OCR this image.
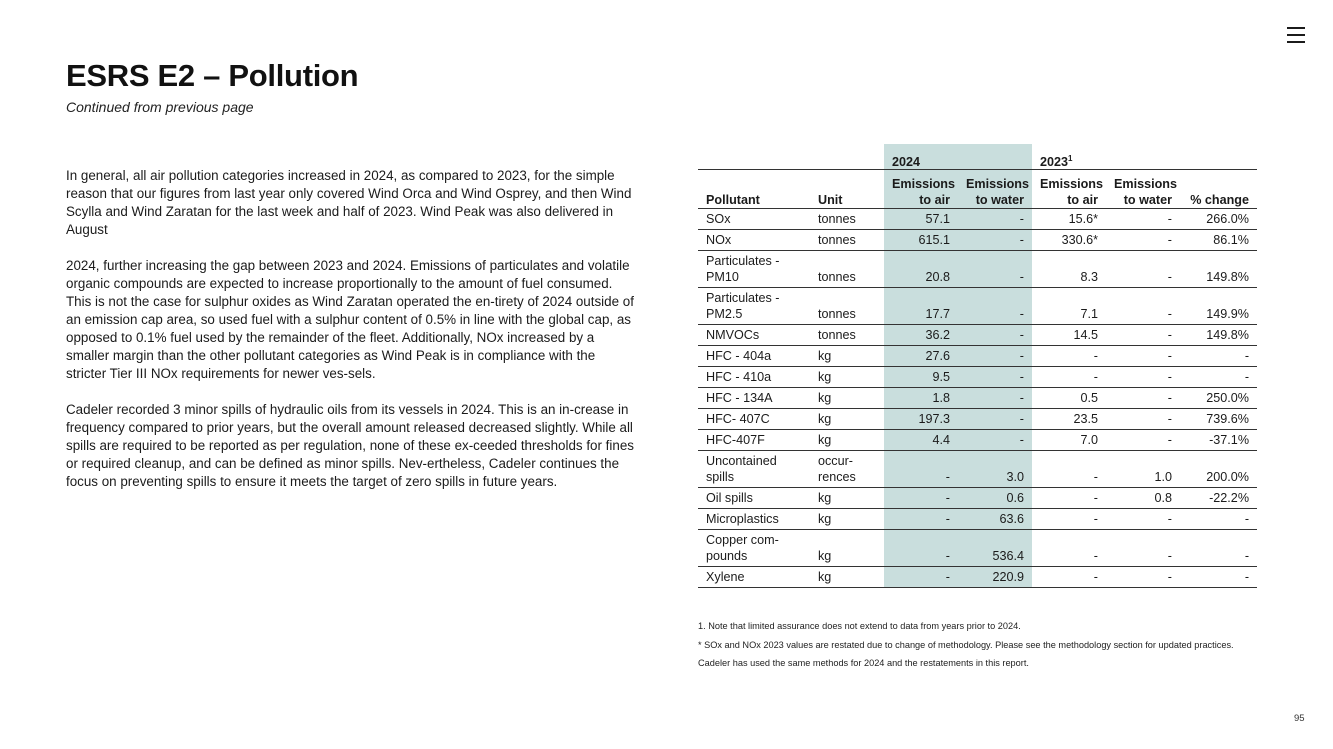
ESRS E2 – Pollution
Continued from previous page

In general, all air pollution categories increased in 2024, as compared to 2023, for the simple reason that our figures from last year only covered Wind Orca and Wind Osprey, and then Wind Scylla and Wind Zaratan for the last week and half of 2023. Wind Peak was also delivered in August

2024, further increasing the gap between 2023 and 2024. Emissions of particulates and volatile organic compounds are expected to increase proportionally to the amount of fuel consumed. This is not the case for sulphur oxides as Wind Zaratan operated the en-tirety of 2024 outside of an emission cap area, so used fuel with a sulphur content of 0.5% in line with the global cap, as opposed to 0.1% fuel used by the remainder of the fleet. Additionally, NOx increased by a smaller margin than the other pollutant categories as Wind Peak is in compliance with the stricter Tier III NOx requirements for newer ves-sels.

Cadeler recorded 3 minor spills of hydraulic oils from its vessels in 2024. This is an in-crease in frequency compared to prior years, but the overall amount released decreased slightly. While all spills are required to be reported as per regulation, none of these ex-ceeded thresholds for fines or required cleanup, and can be defined as minor spills. Nev-ertheless, Cadeler continues the focus on preventing spills to ensure it meets the target of zero spills in future years.

		2024		2023$^1$
Pollutant	Unit	Emissions to air	Emissions to water	Emissions to air	Emissions to water	% change
SOx	tonnes	57.1	-	15.6*	-	266.0%
NOx	tonnes	615.1	-	330.6*	-	86.1%
Particulates - PM10	tonnes	20.8	-	8.3	-	149.8%
Particulates - PM2.5	tonnes	17.7	-	7.1	-	149.9%
NMVOCs	tonnes	36.2	-	14.5	-	149.8%
HFC - 404a	kg	27.6	-	-	-	-
HFC - 410a	kg	9.5	-	-	-	-
HFC - 134A	kg	1.8	-	0.5	-	250.0%
HFC- 407C	kg	197.3	-	23.5	-	739.6%
HFC-407F	kg	4.4	-	7.0	-	-37.1%
Uncontained spills	occur- rences	-	3.0	-	1.0	200.0%
Oil spills	kg	-	0.6	-	0.8	-22.2%
Microplastics	kg	-	63.6	-	-	-
Copper com- pounds	kg	-	536.4	-	-	-
Xylene	kg	-	220.9	-	-	-

1. Note that limited assurance does not extend to data from years prior to 2024.

* SOx and NOx 2023 values are restated due to change of methodology. Please see the methodology section for updated practices. Cadeler has used the same methods for 2024 and the restatements in this report.

95
